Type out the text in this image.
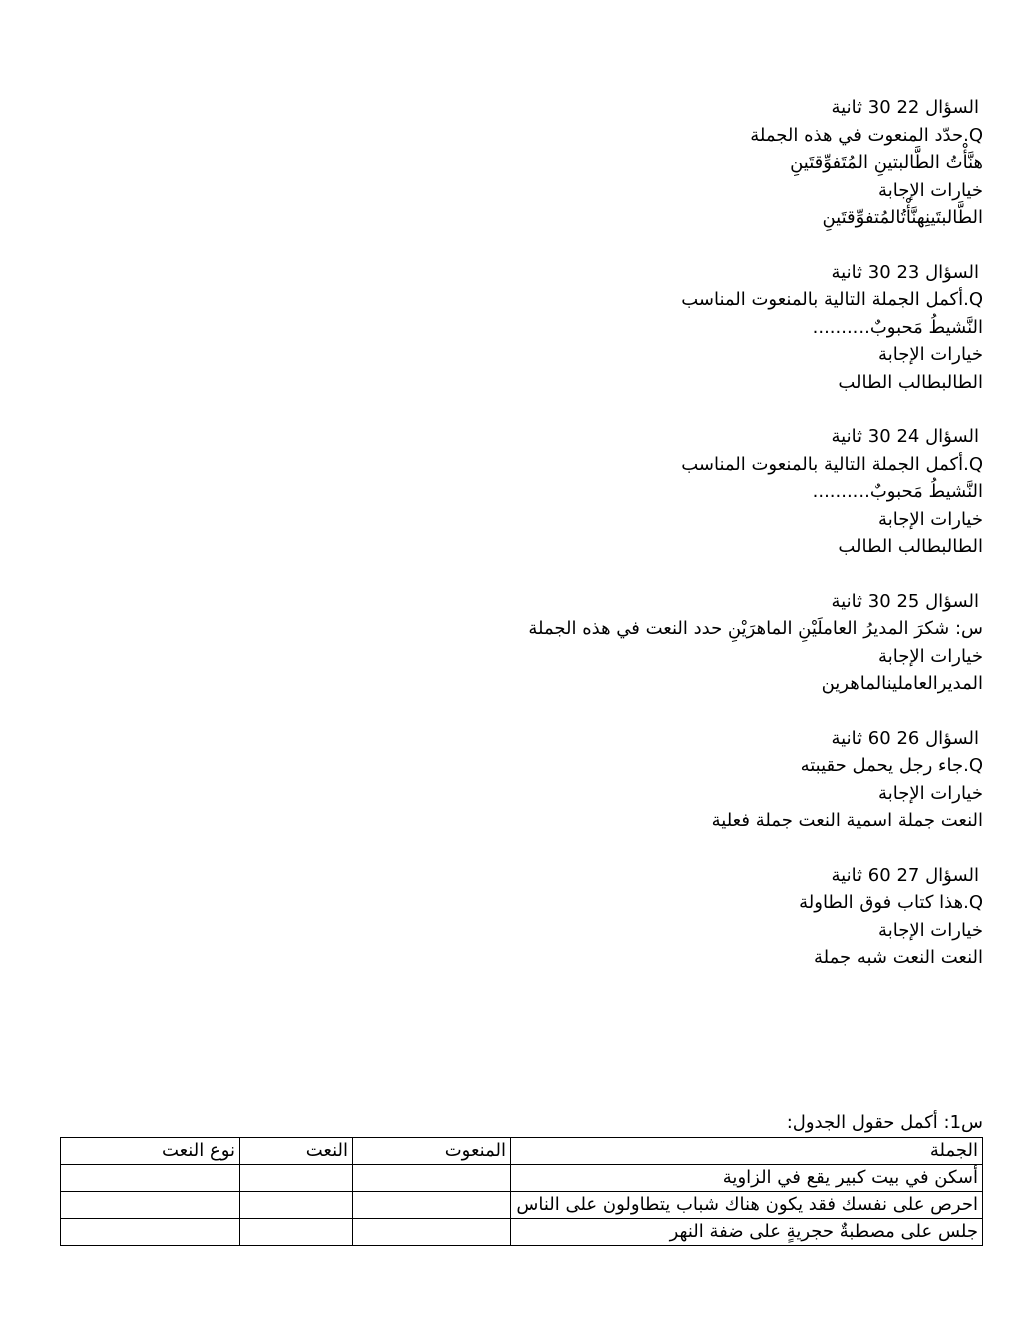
السؤال 22 30 ثانية
Q.حدّد المنعوت في هذه الجملة
هنَّأْتُ الطَّالبتينِ المُتَفوِّقتَينِ
خيارات الإجابة
الطَّالبتَينِهنَّأْتُالمُتفوِّقتَينِ
السؤال 23 30 ثانية
Q.أكمل الجملة التالية بالمنعوت المناسب
النَّشيطُ مَحبوبٌ..........
خيارات الإجابة
الطالبطالب الطالب
السؤال 24 30 ثانية
Q.أكمل الجملة التالية بالمنعوت المناسب
النَّشيطُ مَحبوبٌ..........
خيارات الإجابة
الطالبطالب الطالب
السؤال 25 30 ثانية
س: شكرَ المديرُ العاملَيْنِ الماهرَيْنِ حدد النعت في هذه الجملة
خيارات الإجابة
المديرالعاملينالماهرين
السؤال 26 60 ثانية
Q.جاء رجل يحمل حقيبته
خيارات الإجابة
النعت جملة اسمية النعت جملة فعلية
السؤال 27 60 ثانية
Q.هذا كتاب فوق الطاولة
خيارات الإجابة
النعت النعت شبه جملة
س1: أكمل حقول الجدول:
الجملة	المنعوت	النعت	نوع النعت
أسكن في بيت كبير يقع في الزاوية			
احرص على نفسك فقد يكون هناك شباب يتطاولون على الناس			
جلس على مصطبةٌ حجريةٍ على ضفة النهر			
